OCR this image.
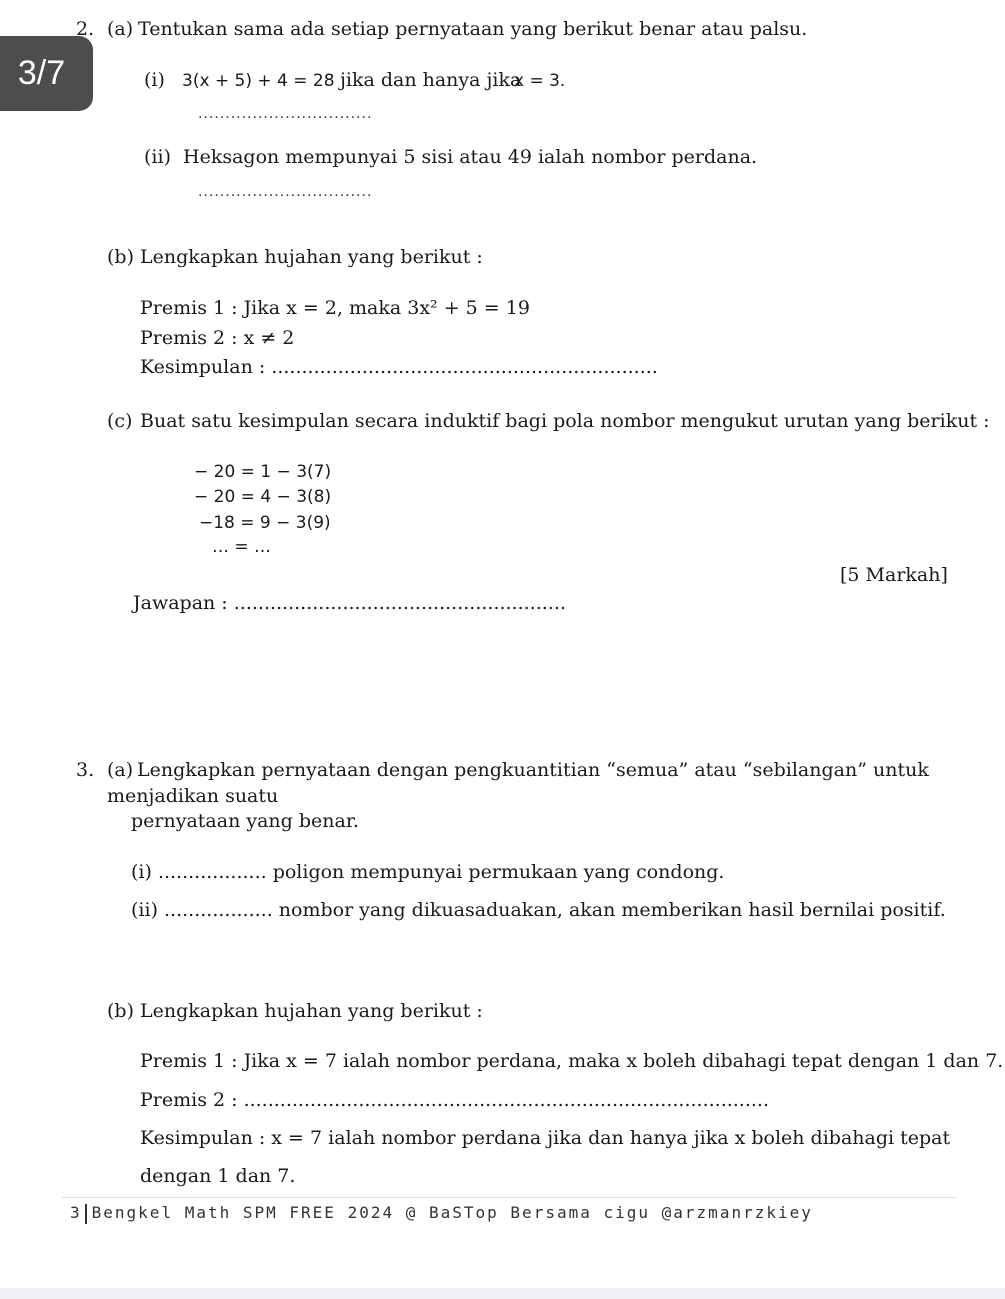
3/7
2. (a) Tentukan sama ada setiap pernyataan yang berikut benar atau palsu.
(i) 3(x + 5) + 4 = 28 jika dan hanya jika
x = 3.
................................
(ii) Heksagon mempunyai 5 sisi atau 49 ialah nombor perdana.
................................
(b) Lengkapkan hujahan yang berikut :
Premis 1 : Jika x = 2, maka 3x² + 5 = 19
Premis 2 : x ≠ 2
Kesimpulan : ................................................................
(c) Buat satu kesimpulan secara induktif bagi pola nombor mengukut urutan yang berikut :
− 20 = 1 − 3(7)
− 20 = 4 − 3(8)
−18 = 9 − 3(9)
… = …
[5 Markah]
Jawapan : .......................................................
3. (a) Lengkapkan pernyataan dengan pengkuantitian “semua” atau “sebilangan” untuk
menjadikan suatu
pernyataan yang benar.
(i) .................. poligon mempunyai permukaan yang condong.
(ii) .................. nombor yang dikuasaduakan, akan memberikan hasil bernilai positif.
(b) Lengkapkan hujahan yang berikut :
Premis 1 : Jika x = 7 ialah nombor perdana, maka x boleh dibahagi tepat dengan 1 dan 7.
Premis 2 : .......................................................................................
Kesimpulan : x = 7 ialah nombor perdana jika dan hanya jika x boleh dibahagi tepat
dengan 1 dan 7.
3 Bengkel Math SPM FREE 2024 @ BaSTop Bersama cigu @arzmanrzkiey
